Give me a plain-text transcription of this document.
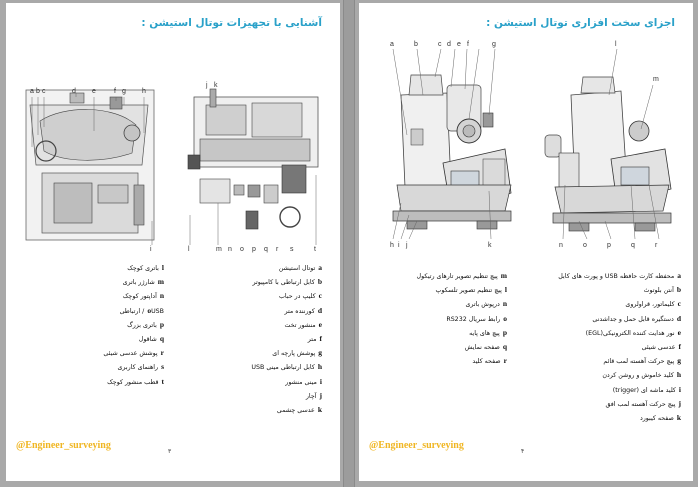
آشنایی با تجهیزات توتال استیشن :
a b c	d e	f g h
i
j k
l	m n o p q r s	t
aتوتال استیشن
bکابل ارتباطی با کامپیوتر
cکلیپ در حباب
dکورننده متر
eمنشور تخت
fمتر
gپوشش پارچه ای
hکابل ارتباطی مینی USB
iمینی منشور
jآچار
kعدسی چشمی
lباتری کوچک
mشارژر باتری
nآداپتور کوچک
oUSB/ ارتباطی
pباتری بزرگ
qشاقول
rپوشش عدسی شیئی
sراهنمای کاربری
tقطب منشور کوچک
@Engineer_surveying
۳
اجزای سخت افزاری توتال استیشن :
a	b	c d e f	g
h i j	k
l
m
n	o	p	q	r
aمحفظه کارت حافظه USB و پورت های کابل
bآنتن بلوتوث
cکلیماتور، قراولروی
dدستگیره قابل حمل و جداشدنی
eنور هدایت کننده الکترونیکی(EGL)
fعدسی شیئی
gپیچ حرکت آهسته لمب قائم
hکلید خاموش و روشن کردن
iکلید ماشه ای (trigger)
jپیچ حرکت آهسته لمب افق
kصفحه کیبورد
mپیچ تنظیم تصویر تارهای رتیکول
lپیچ تنظیم تصویر تلسکوپ
nدرپوش باتری
oرابط سریال RS232
pپیچ های پایه
qصفحه نمایش
rصفحه کلید
@Engineer_surveying
۴
